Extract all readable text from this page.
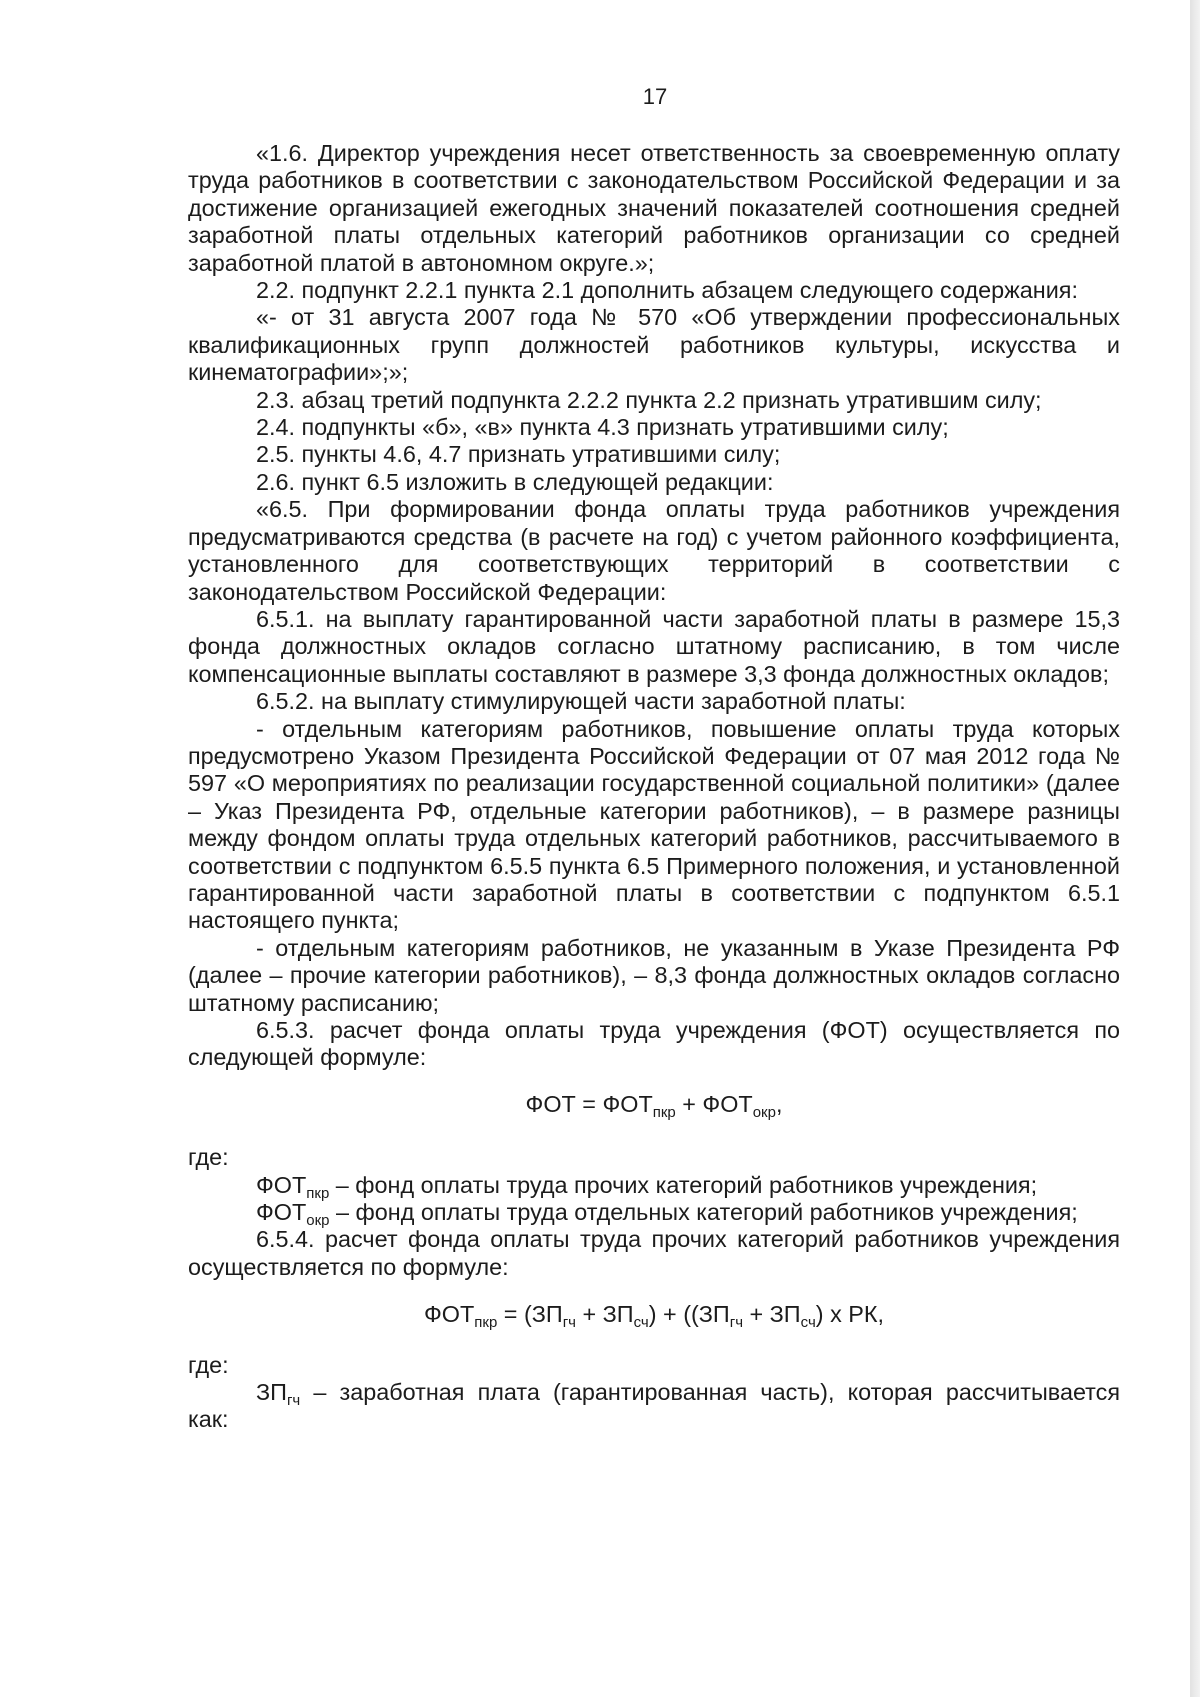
17

«1.6. Директор учреждения несет ответственность за своевременную оплату труда работников в соответствии с законодательством Российской Федерации и за достижение организацией ежегодных значений показателей соотношения средней заработной платы отдельных категорий работников организации со средней заработной платой в автономном округе.»;

2.2. подпункт 2.2.1 пункта 2.1 дополнить абзацем следующего содержания:

«- от 31 августа 2007 года № 570 «Об утверждении профессиональных квалификационных групп должностей работников культуры, искусства и кинематографии»;»;

2.3. абзац третий подпункта 2.2.2 пункта 2.2 признать утратившим силу;

2.4. подпункты «б», «в» пункта 4.3 признать утратившими силу;

2.5. пункты 4.6, 4.7 признать утратившими силу;

2.6. пункт 6.5 изложить в следующей редакции:

«6.5. При формировании фонда оплаты труда работников учреждения предусматриваются средства (в расчете на год) с учетом районного коэффициента, установленного для соответствующих территорий в соответствии с законодательством Российской Федерации:

6.5.1. на выплату гарантированной части заработной платы в размере 15,3 фонда должностных окладов согласно штатному расписанию, в том числе компенсационные выплаты составляют в размере 3,3 фонда должностных окладов;

6.5.2. на выплату стимулирующей части заработной платы:

- отдельным категориям работников, повышение оплаты труда которых предусмотрено Указом Президента Российской Федерации от 07 мая 2012 года № 597 «О мероприятиях по реализации государственной социальной политики» (далее – Указ Президента РФ, отдельные категории работников), – в размере разницы между фондом оплаты труда отдельных категорий работников, рассчитываемого в соответствии с подпунктом 6.5.5 пункта 6.5 Примерного положения, и установленной гарантированной части заработной платы в соответствии с подпунктом 6.5.1 настоящего пункта;

- отдельным категориям работников, не указанным в Указе Президента РФ (далее – прочие категории работников), – 8,3 фонда должностных окладов согласно штатному расписанию;

6.5.3. расчет фонда оплаты труда учреждения (ФОТ) осуществляется по следующей формуле:

ФОТ = $ФОТ_{пкр} + ФОТ_{окр}$,

где:

$ФОТ_{пкр}$ – фонд оплаты труда прочих категорий работников учреждения;

$ФОТ_{окр}$ – фонд оплаты труда отдельных категорий работников учреждения;

6.5.4. расчет фонда оплаты труда прочих категорий работников учреждения осуществляется по формуле:

$ФОТ_{пкр} = (ЗП_{гч} + ЗП_{сч}) + ((ЗП_{гч} + ЗП_{сч})$ х РК,

где:

$ЗП_{гч}$ – заработная плата (гарантированная часть), которая рассчитывается как:
